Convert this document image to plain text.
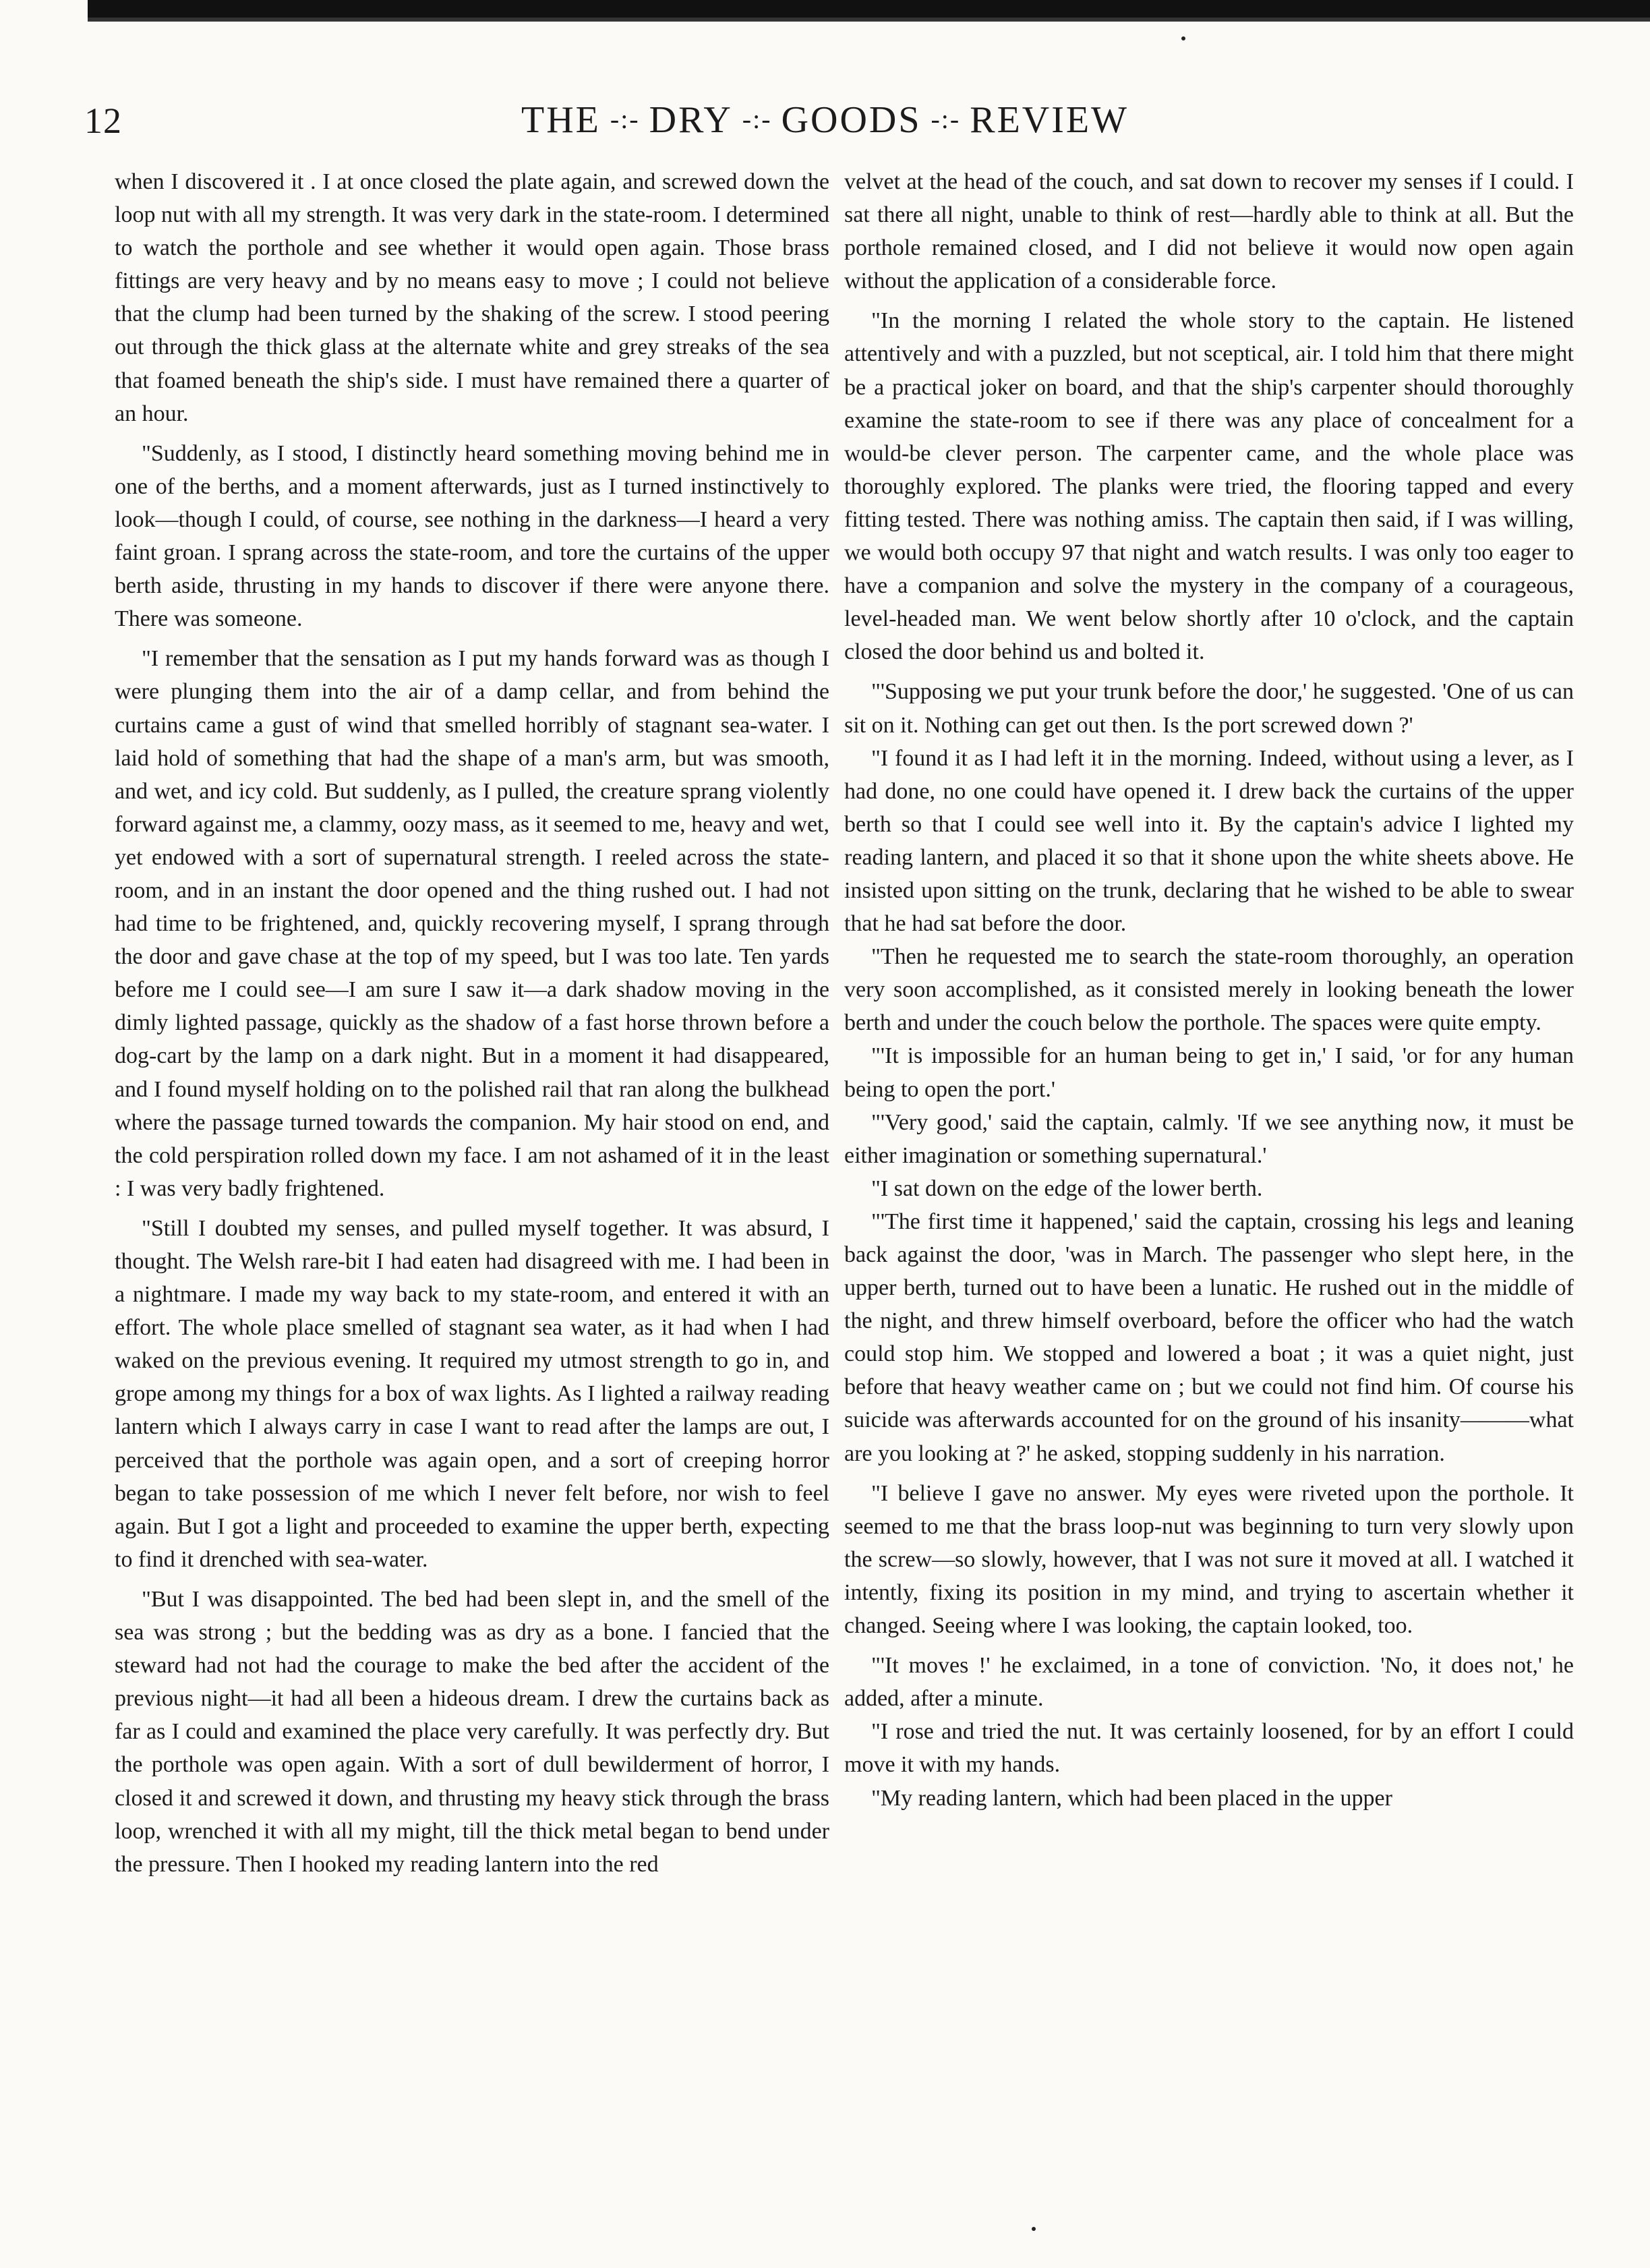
12	THE -:- DRY -:- GOODS -:- REVIEW

when I discovered it . I at once closed the plate again, and screwed down the loop nut with all my strength. It was very dark in the state-room. I determined to watch the porthole and see whether it would open again. Those brass fittings are very heavy and by no means easy to move ; I could not believe that the clump had been turned by the shaking of the screw. I stood peering out through the thick glass at the alternate white and grey streaks of the sea that foamed beneath the ship's side. I must have remained there a quarter of an hour.

"Suddenly, as I stood, I distinctly heard something moving behind me in one of the berths, and a moment afterwards, just as I turned instinctively to look—though I could, of course, see nothing in the darkness—I heard a very faint groan. I sprang across the state-room, and tore the curtains of the upper berth aside, thrusting in my hands to discover if there were anyone there. There was someone.

"I remember that the sensation as I put my hands forward was as though I were plunging them into the air of a damp cellar, and from behind the curtains came a gust of wind that smelled horribly of stagnant sea-water. I laid hold of something that had the shape of a man's arm, but was smooth, and wet, and icy cold. But suddenly, as I pulled, the creature sprang violently forward against me, a clammy, oozy mass, as it seemed to me, heavy and wet, yet endowed with a sort of supernatural strength. I reeled across the state-room, and in an instant the door opened and the thing rushed out. I had not had time to be frightened, and, quickly recovering myself, I sprang through the door and gave chase at the top of my speed, but I was too late. Ten yards before me I could see—I am sure I saw it—a dark shadow moving in the dimly lighted passage, quickly as the shadow of a fast horse thrown before a dog-cart by the lamp on a dark night. But in a moment it had disappeared, and I found myself holding on to the polished rail that ran along the bulkhead where the passage turned towards the companion. My hair stood on end, and the cold perspiration rolled down my face. I am not ashamed of it in the least : I was very badly frightened.

"Still I doubted my senses, and pulled myself together. It was absurd, I thought. The Welsh rare-bit I had eaten had disagreed with me. I had been in a nightmare. I made my way back to my state-room, and entered it with an effort. The whole place smelled of stagnant sea water, as it had when I had waked on the previous evening. It required my utmost strength to go in, and grope among my things for a box of wax lights. As I lighted a railway reading lantern which I always carry in case I want to read after the lamps are out, I perceived that the porthole was again open, and a sort of creeping horror began to take possession of me which I never felt before, nor wish to feel again. But I got a light and proceeded to examine the upper berth, expecting to find it drenched with sea-water.

"But I was disappointed. The bed had been slept in, and the smell of the sea was strong ; but the bedding was as dry as a bone. I fancied that the steward had not had the courage to make the bed after the accident of the previous night—it had all been a hideous dream. I drew the curtains back as far as I could and examined the place very carefully. It was perfectly dry. But the porthole was open again. With a sort of dull bewilderment of horror, I closed it and screwed it down, and thrusting my heavy stick through the brass loop, wrenched it with all my might, till the thick metal began to bend under the pressure. Then I hooked my reading lantern into the red

velvet at the head of the couch, and sat down to recover my senses if I could. I sat there all night, unable to think of rest—hardly able to think at all. But the porthole remained closed, and I did not believe it would now open again without the application of a considerable force.

"In the morning I related the whole story to the captain. He listened attentively and with a puzzled, but not sceptical, air. I told him that there might be a practical joker on board, and that the ship's carpenter should thoroughly examine the state-room to see if there was any place of concealment for a would-be clever person. The carpenter came, and the whole place was thoroughly explored. The planks were tried, the flooring tapped and every fitting tested. There was nothing amiss. The captain then said, if I was willing, we would both occupy 97 that night and watch results. I was only too eager to have a companion and solve the mystery in the company of a courageous, level-headed man. We went below shortly after 10 o'clock, and the captain closed the door behind us and bolted it.

"'Supposing we put your trunk before the door,' he suggested. 'One of us can sit on it. Nothing can get out then. Is the port screwed down ?'

"I found it as I had left it in the morning. Indeed, without using a lever, as I had done, no one could have opened it. I drew back the curtains of the upper berth so that I could see well into it. By the captain's advice I lighted my reading lantern, and placed it so that it shone upon the white sheets above. He insisted upon sitting on the trunk, declaring that he wished to be able to swear that he had sat before the door.

"Then he requested me to search the state-room thoroughly, an operation very soon accomplished, as it consisted merely in looking beneath the lower berth and under the couch below the porthole. The spaces were quite empty.

"'It is impossible for an human being to get in,' I said, 'or for any human being to open the port.'

"'Very good,' said the captain, calmly. 'If we see anything now, it must be either imagination or something supernatural.'

"I sat down on the edge of the lower berth.

"'The first time it happened,' said the captain, crossing his legs and leaning back against the door, 'was in March. The passenger who slept here, in the upper berth, turned out to have been a lunatic. He rushed out in the middle of the night, and threw himself overboard, before the officer who had the watch could stop him. We stopped and lowered a boat ; it was a quiet night, just before that heavy weather came on ; but we could not find him. Of course his suicide was afterwards accounted for on the ground of his insanity———what are you looking at ?' he asked, stopping suddenly in his narration.

"I believe I gave no answer. My eyes were riveted upon the porthole. It seemed to me that the brass loop-nut was beginning to turn very slowly upon the screw—so slowly, however, that I was not sure it moved at all. I watched it intently, fixing its position in my mind, and trying to ascertain whether it changed. Seeing where I was looking, the captain looked, too.

"'It moves !' he exclaimed, in a tone of conviction. 'No, it does not,' he added, after a minute.

"I rose and tried the nut. It was certainly loosened, for by an effort I could move it with my hands.

"My reading lantern, which had been placed in the upper
